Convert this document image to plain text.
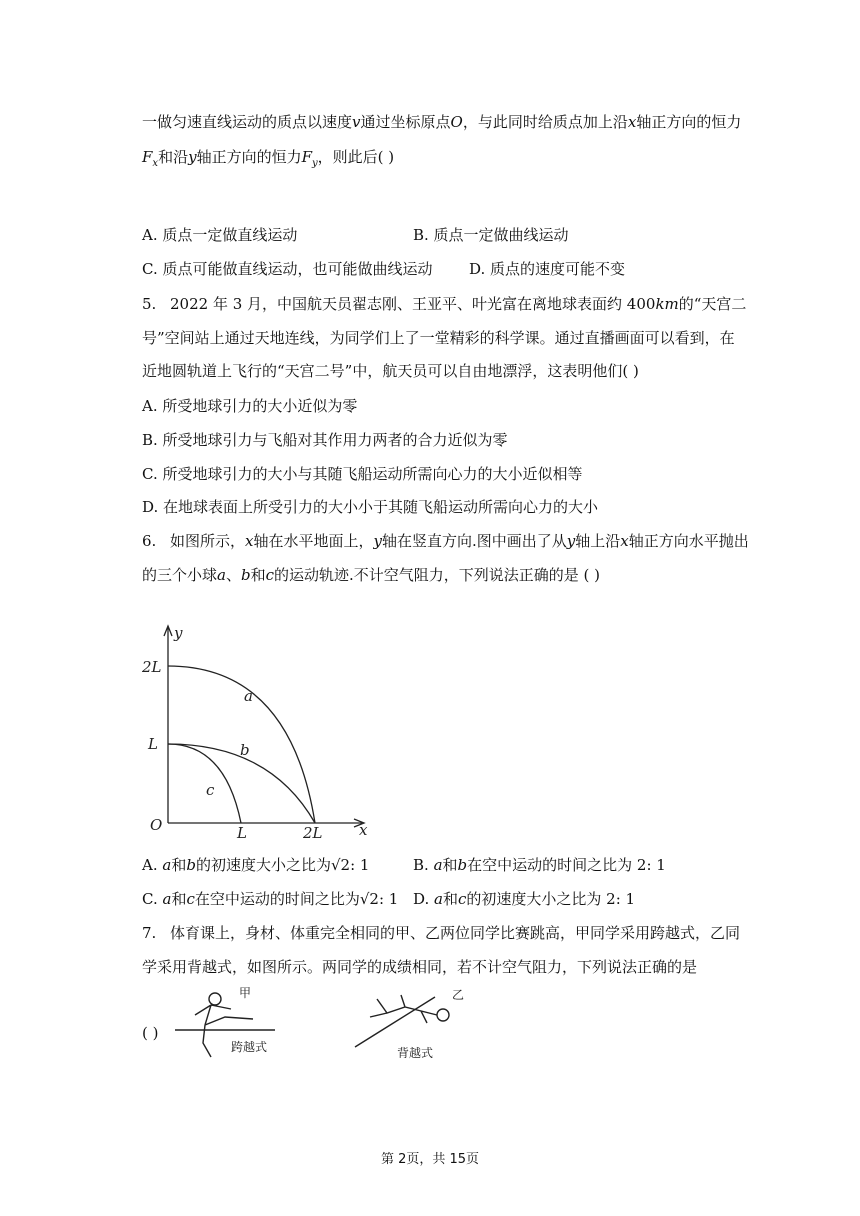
一做匀速直线运动的质点以速度v通过坐标原点O，与此同时给质点加上沿x轴正方向的恒力
$F_x$和沿y轴正方向的恒力$F_y$，则此后( )
A. 质点一定做直线运动	B. 质点一定做曲线运动
C. 质点可能做直线运动，也可能做曲线运动 D. 质点的速度可能不变
5. 2022 年 3 月，中国航天员翟志刚、王亚平、叶光富在离地球表面约 400km的“天宫二
号”空间站上通过天地连线，为同学们上了一堂精彩的科学课。通过直播画面可以看到，在
近地圆轨道上飞行的“天宫二号”中，航天员可以自由地漂浮，这表明他们( )
A. 所受地球引力的大小近似为零
B. 所受地球引力与飞船对其作用力两者的合力近似为零
C. 所受地球引力的大小与其随飞船运动所需向心力的大小近似相等
D. 在地球表面上所受引力的大小小于其随飞船运动所需向心力的大小
6. 如图所示，x轴在水平地面上，y轴在竖直方向.图中画出了从y轴上沿x轴正方向水平抛出
的三个小球a、b和c的运动轨迹.不计空气阻力，下列说法正确的是 ( )
y
2L
L
O	L	2L x
a
b
c
A. a和b的初速度大小之比为√2: 1	B. a和b在空中运动的时间之比为 2: 1
C. a和c在空中运动的时间之比为√2: 1 D. a和c的初速度大小之比为 2: 1
7. 体育课上，身材、体重完全相同的甲、乙两位同学比赛跳高，甲同学采用跨越式，乙同
学采用背越式，如图所示。两同学的成绩相同，若不计空气阻力，下列说法正确的是
( )
甲	乙
跨越式	背越式
第 2页，共 15页
